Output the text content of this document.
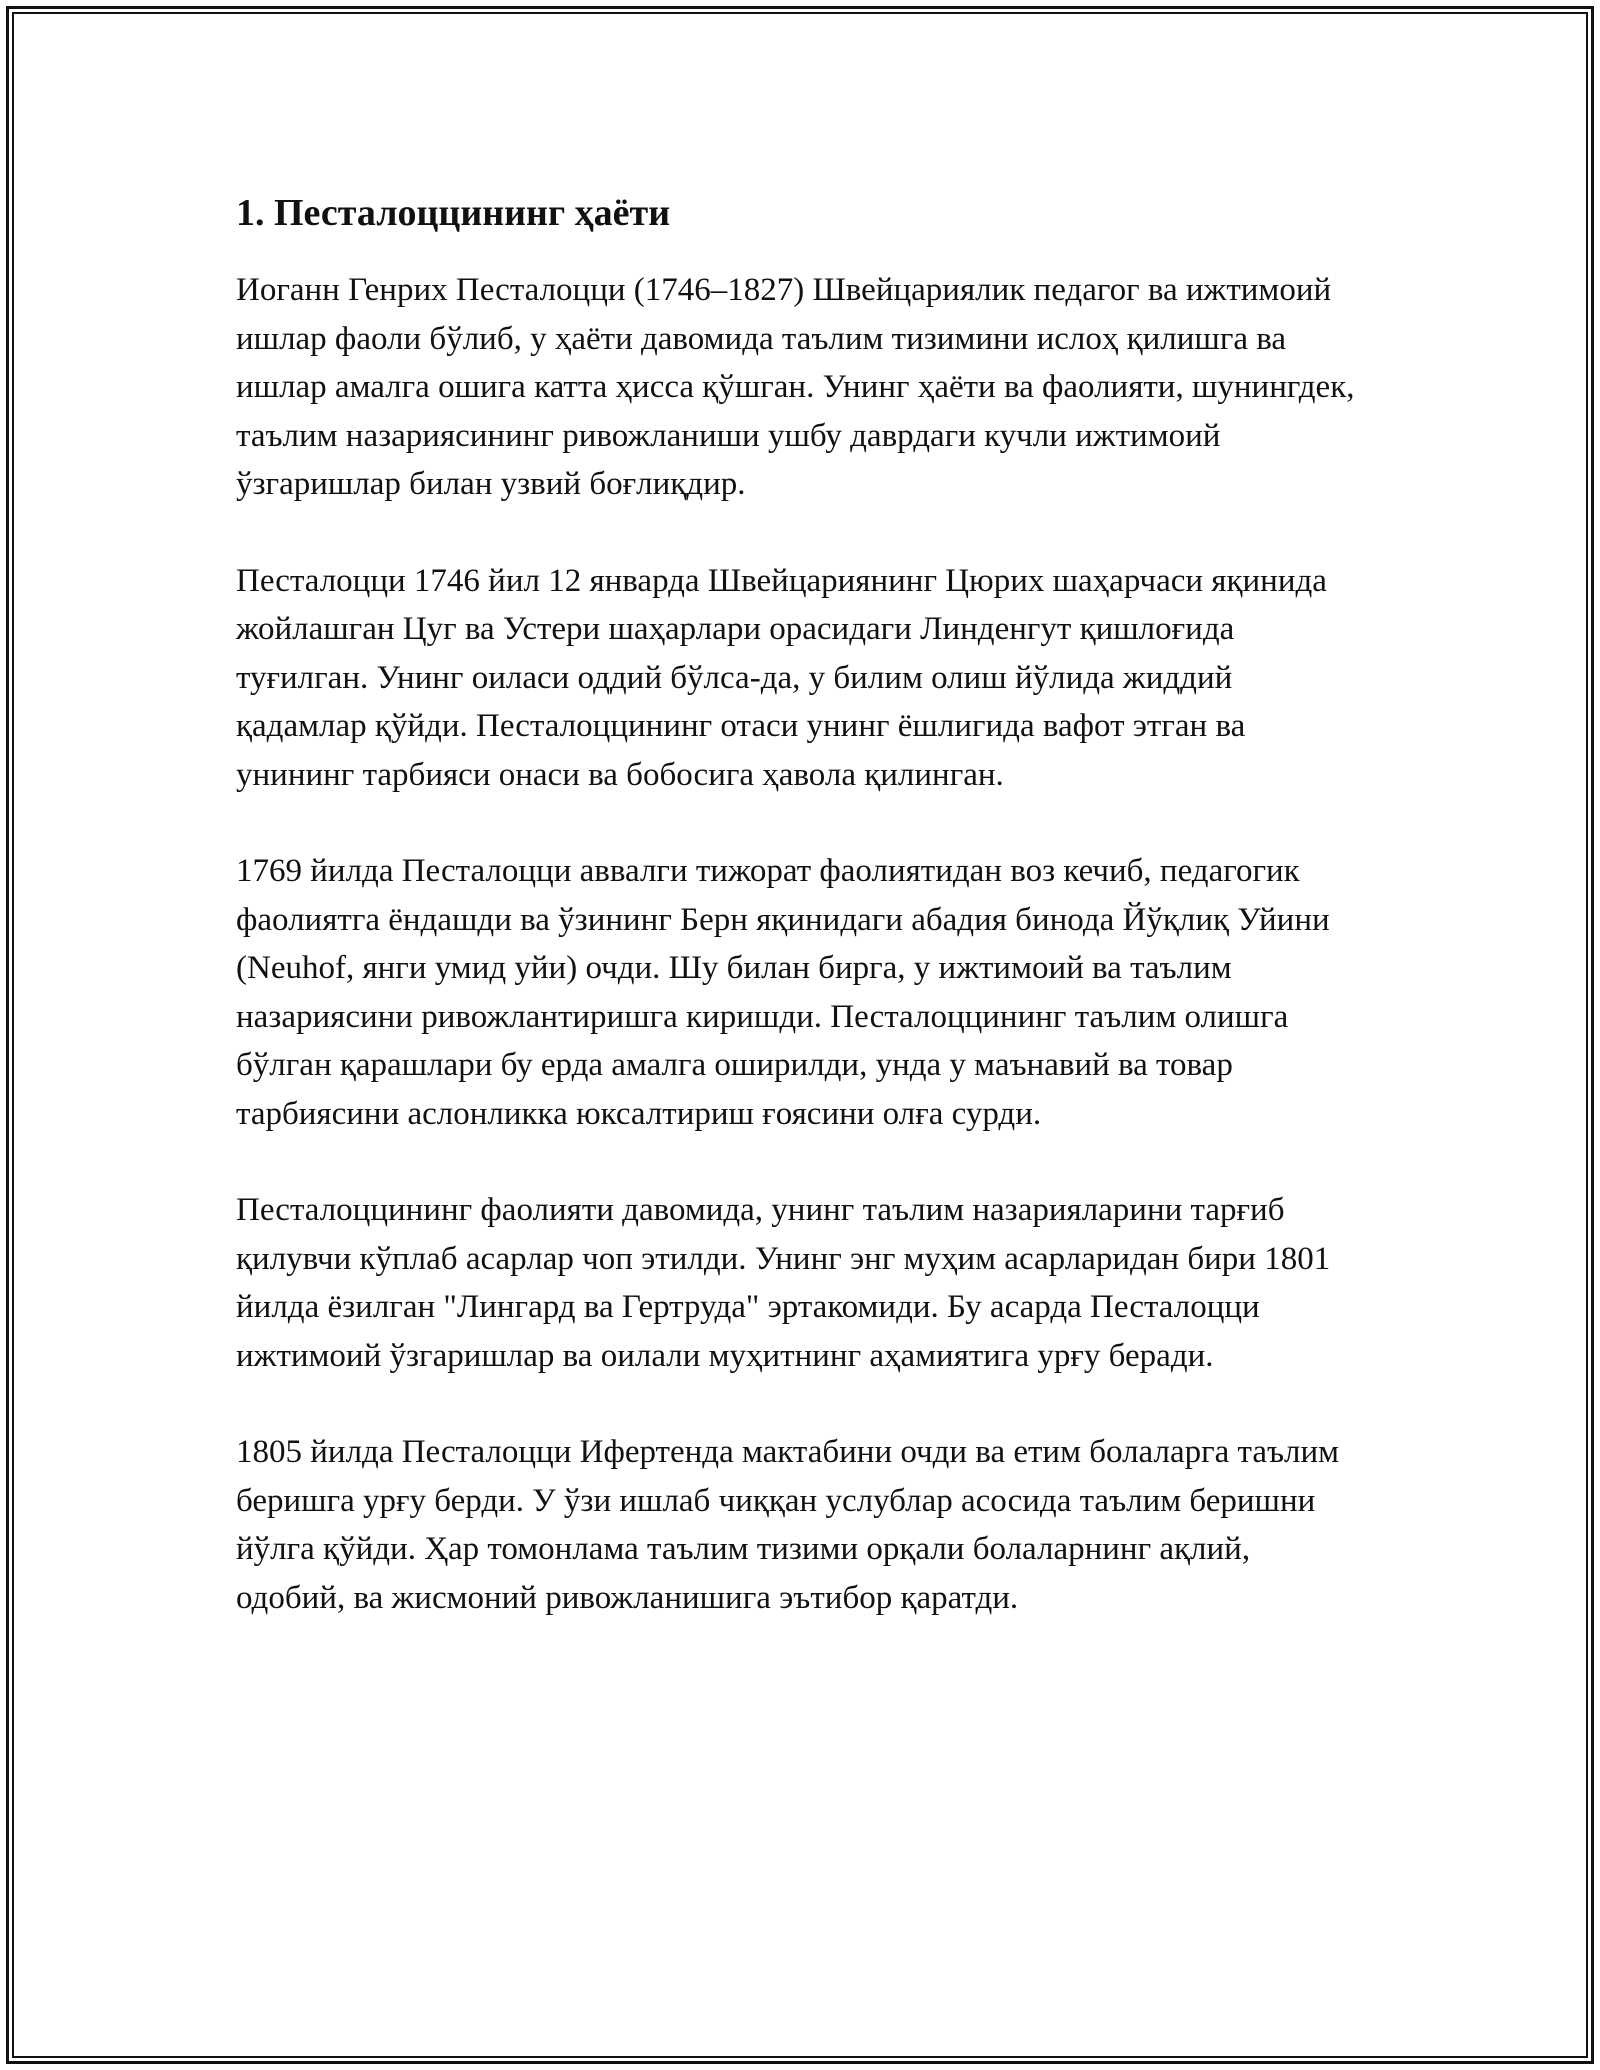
1. Песталоццининг ҳаёти

Иоганн Генрих Песталоцци (1746–1827) Швейцариялик педагог ва ижтимоий ишлар фаоли бўлиб, у ҳаёти давомида таълим тизимини ислоҳ қилишга ва ишлар амалга ошига катта ҳисса қўшган. Унинг ҳаёти ва фаолияти, шунингдек, таълим назариясининг ривожланиши ушбу даврдаги кучли ижтимоий ўзгаришлар билан узвий боғлиқдир.

Песталоцци 1746 йил 12 январда Швейцариянинг Цюрих шаҳарчаси яқинида жойлашган Цуг ва Устери шаҳарлари орасидаги Линденгут қишлоғида туғилган. Унинг оиласи оддий бўлса-да, у билим олиш йўлида жиддий қадамлар қўйди. Песталоццининг отаси унинг ёшлигида вафот этган ва унининг тарбияси онаси ва бобосига ҳавола қилинган.

1769 йилда Песталоцци аввалги тижорат фаолиятидан воз кечиб, педагогик фаолиятга ёндашди ва ўзининг Берн яқинидаги абадия бинода Йўқлиқ Уйини (Neuhof, янги умид уйи) очди. Шу билан бирга, у ижтимоий ва таълим назариясини ривожлантиришга киришди. Песталоццининг таълим олишга бўлган қарашлари бу ерда амалга оширилди, унда у маънавий ва товар тарбиясини аслонликка юксалтириш ғоясини олға сурди.

Песталоццининг фаолияти давомида, унинг таълим назарияларини тарғиб қилувчи кўплаб асарлар чоп этилди. Унинг энг муҳим асарларидан бири 1801 йилда ёзилган "Лингард ва Гертруда" эртакомиди. Бу асарда Песталоцци ижтимоий ўзгаришлар ва оилали муҳитнинг аҳамиятига урғу беради.

1805 йилда Песталоцци Ифертенда мактабини очди ва етим болаларга таълим беришга урғу берди. У ўзи ишлаб чиққан услублар асосида таълим беришни йўлга қўйди. Ҳар томонлама таълим тизими орқали болаларнинг ақлий, одобий, ва жисмоний ривожланишига эътибор қаратди.
